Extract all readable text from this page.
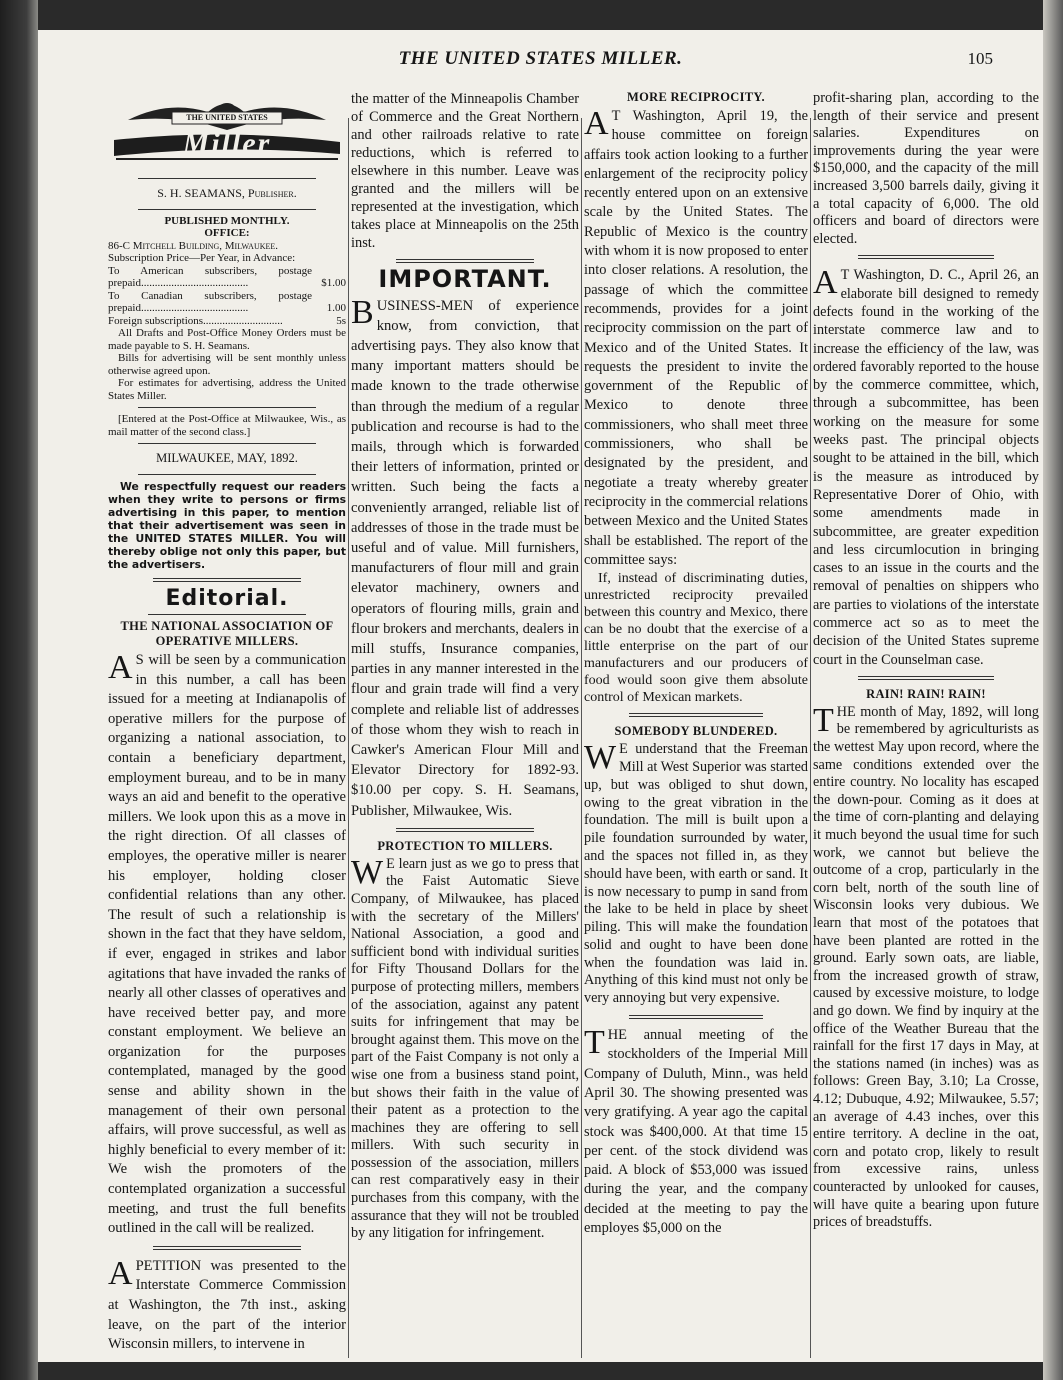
THE UNITED STATES MILLER.	105
THE UNITED STATES
Miller

S. H. SEAMANS, Publisher.

PUBLISHED MONTHLY.

OFFICE:

86-C Mitchell Building, Milwaukee.

Subscription Price—Per Year, in Advance:

To American subscribers, postage prepaid.......................................	$1.00

To Canadian subscribers, postage prepaid.......................................	1.00

Foreign subscriptions.............................	5s

All Drafts and Post-Office Money Orders must be made payable to S. H. Seamans.

Bills for advertising will be sent monthly unless otherwise agreed upon.

For estimates for advertising, address the United States Miller.

[Entered at the Post-Office at Milwaukee, Wis., as mail matter of the second class.]

MILWAUKEE, MAY, 1892.

We respectfully request our readers when they write to persons or firms advertising in this paper, to mention that their advertisement was seen in the UNITED STATES MILLER. You will thereby oblige not only this paper, but the advertisers.

Editorial.

THE NATIONAL ASSOCIATION OF OPERATIVE MILLERS.

A S will be seen by a communication in this number, a call has been issued for a meeting at Indianapolis of operative millers for the purpose of organizing a national association, to contain a beneficiary department, employment bureau, and to be in many ways an aid and benefit to the operative millers. We look upon this as a move in the right direction. Of all classes of employes, the operative miller is nearer his employer, holding closer confidential relations than any other. The result of such a relationship is shown in the fact that they have seldom, if ever, engaged in strikes and labor agitations that have invaded the ranks of nearly all other classes of operatives and have received better pay, and more constant employment. We believe an organization for the purposes contemplated, managed by the good sense and ability shown in the management of their own personal affairs, will prove successful, as well as highly beneficial to every member of it: We wish the promoters of the contemplated organization a successful meeting, and trust the full benefits outlined in the call will be realized.

APETITION was presented to the Interstate Commerce Commission at Washington, the 7th inst., asking leave, on the part of the interior Wisconsin millers, to intervene in

the matter of the Minneapolis Chamber of Commerce and the Great Northern and other railroads relative to rate reductions, which is referred to elsewhere in this number. Leave was granted and the millers will be represented at the investigation, which takes place at Minneapolis on the 25th inst.

IMPORTANT.

BUSINESS-MEN of experience know, from conviction, that advertising pays. They also know that many important matters should be made known to the trade otherwise than through the medium of a regular publication and recourse is had to the mails, through which is forwarded their letters of information, printed or written. Such being the facts a conveniently arranged, reliable list of addresses of those in the trade must be useful and of value. Mill furnishers, manufacturers of flour mill and grain elevator machinery, owners and operators of flouring mills, grain and flour brokers and merchants, dealers in mill stuffs, Insurance companies, parties in any manner interested in the flour and grain trade will find a very complete and reliable list of addresses of those whom they wish to reach in Cawker's American Flour Mill and Elevator Directory for 1892-93. $10.00 per copy. S. H. Seamans, Publisher, Milwaukee, Wis.

PROTECTION TO MILLERS.

W E learn just as we go to press that the Faist Automatic Sieve Company, of Milwaukee, has placed with the secretary of the Millers' National Association, a good and sufficient bond with individual surities for Fifty Thousand Dollars for the purpose of protecting millers, members of the association, against any patent suits for infringement that may be brought against them. This move on the part of the Faist Company is not only a wise one from a business stand point, but shows their faith in the value of their patent as a protection to the machines they are offering to sell millers. With such security in possession of the association, millers can rest comparatively easy in their purchases from this company, with the assurance that they will not be troubled by any litigation for infringement.

MORE RECIPROCITY.

A T Washington, April 19, the house committee on foreign affairs took action looking to a further enlargement of the reciprocity policy recently entered upon on an extensive scale by the United States. The Republic of Mexico is the country with whom it is now proposed to enter into closer relations. A resolution, the passage of which the committee recommends, provides for a joint reciprocity commission on the part of Mexico and of the United States. It requests the president to invite the government of the Republic of Mexico to denote three commissioners, who shall meet three commissioners, who shall be designated by the president, and negotiate a treaty whereby greater reciprocity in the commercial relations between Mexico and the United States shall be established. The report of the committee says:

If, instead of discriminating duties, unrestricted reciprocity prevailed between this country and Mexico, there can be no doubt that the exercise of a little enterprise on the part of our manufacturers and our producers of food would soon give them absolute control of Mexican markets.

SOMEBODY BLUNDERED.

W E understand that the Freeman Mill at West Superior was started up, but was obliged to shut down, owing to the great vibration in the foundation. The mill is built upon a pile foundation surrounded by water, and the spaces not filled in, as they should have been, with earth or sand. It is now necessary to pump in sand from the lake to be held in place by sheet piling. This will make the foundation solid and ought to have been done when the foundation was laid in. Anything of this kind must not only be very annoying but very expensive.

THE annual meeting of the stockholders of the Imperial Mill Company of Duluth, Minn., was held April 30. The showing presented was very gratifying. A year ago the capital stock was $400,000. At that time 15 per cent. of the stock dividend was paid. A block of $53,000 was issued during the year, and the company decided at the meeting to pay the employes $5,000 on the

profit-sharing plan, according to the length of their service and present salaries. Expenditures on improvements during the year were $150,000, and the capacity of the mill increased 3,500 barrels daily, giving it a total capacity of 6,000. The old officers and board of directors were elected.

A T Washington, D. C., April 26, an elaborate bill designed to remedy defects found in the working of the interstate commerce law and to increase the efficiency of the law, was ordered favorably reported to the house by the commerce committee, which, through a subcommittee, has been working on the measure for some weeks past. The principal objects sought to be attained in the bill, which is the measure as introduced by Representative Dorer of Ohio, with some amendments made in subcommittee, are greater expedition and less circumlocution in bringing cases to an issue in the courts and the removal of penalties on shippers who are parties to violations of the interstate commerce act so as to meet the decision of the United States supreme court in the Counselman case.

RAIN! RAIN! RAIN!

THE month of May, 1892, will long be remembered by agriculturists as the wettest May upon record, where the same conditions extended over the entire country. No locality has escaped the down-pour. Coming as it does at the time of corn-planting and delaying it much beyond the usual time for such work, we cannot but believe the outcome of a crop, particularly in the corn belt, north of the south line of Wisconsin looks very dubious. We learn that most of the potatoes that have been planted are rotted in the ground. Early sown oats, are liable, from the increased growth of straw, caused by excessive moisture, to lodge and go down. We find by inquiry at the office of the Weather Bureau that the rainfall for the first 17 days in May, at the stations named (in inches) was as follows: Green Bay, 3.10; La Crosse, 4.12; Dubuque, 4.92; Milwaukee, 5.57; an average of 4.43 inches, over this entire territory. A decline in the oat, corn and potato crop, likely to result from excessive rains, unless counteracted by unlooked for causes, will have quite a bearing upon future prices of breadstuffs.
